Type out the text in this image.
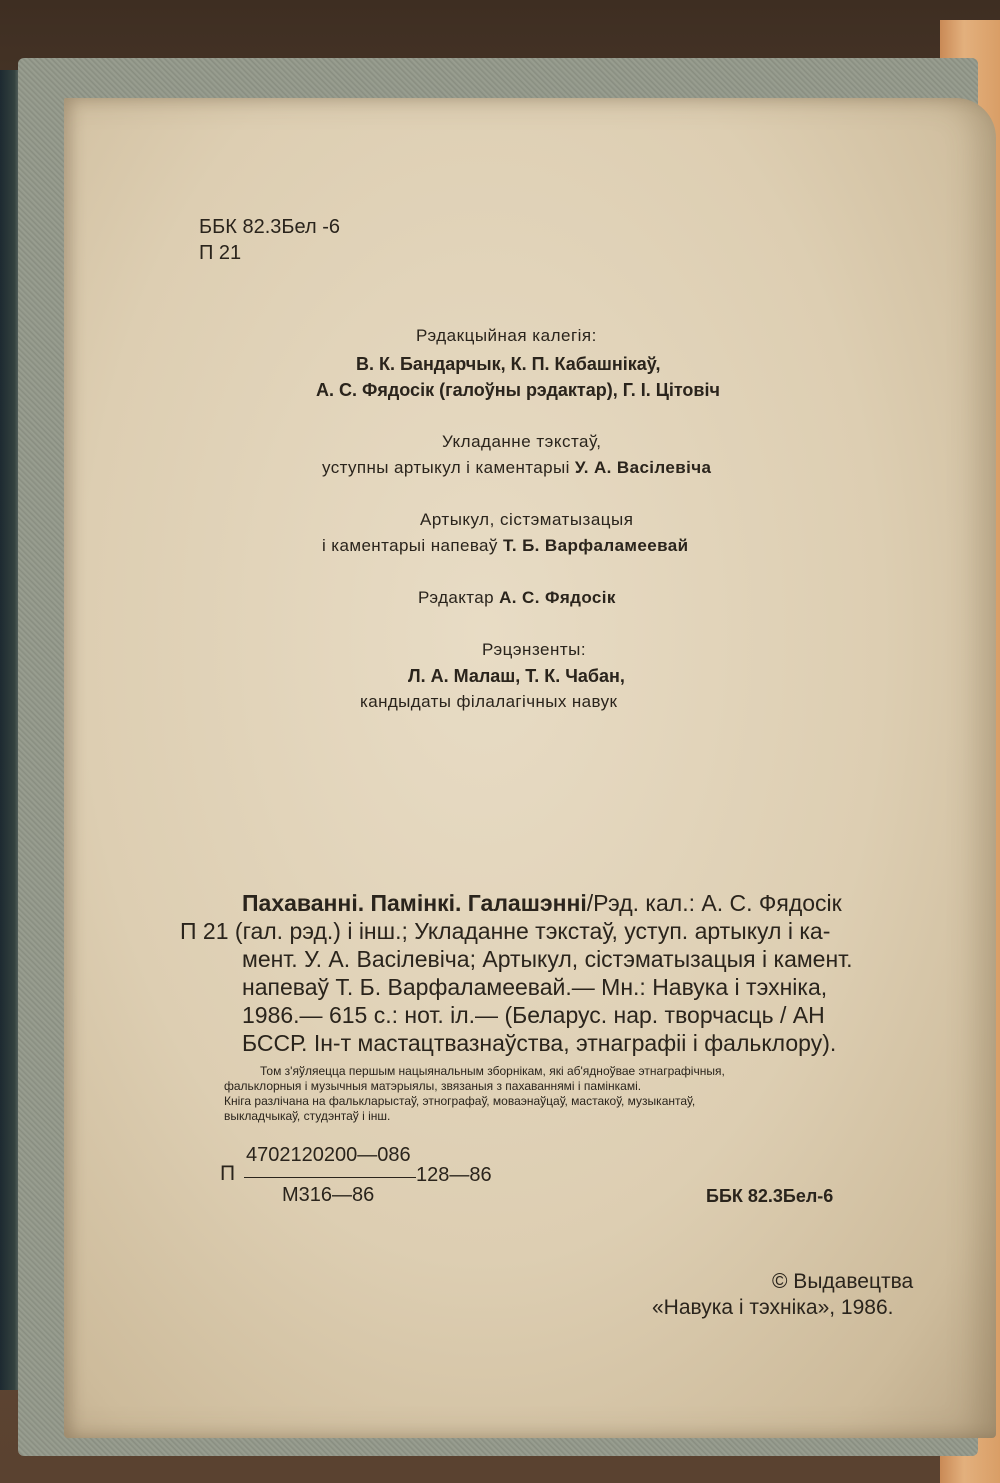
ББК 82.3Бел -6

П 21

Рэдакцыйная калегія:

В. К. Бандарчык, К. П. Кабашнікаў,

А. С. Фядосік (галоўны рэдактар), Г. І. Цітовіч

Укладанне тэкстаў,

уступны артыкул і каментарыі У. А. Васілевіча

Артыкул, сістэматызацыя

і каментарыі напеваў Т. Б. Варфаламеевай

Рэдактар А. С. Фядосік

Рэцэнзенты:

Л. А. Малаш, Т. К. Чабан,

кандыдаты філалагічных навук

Пахаванні. Памінкі. Галашэнні/Рэд. кал.: А. С. Фядосік

П 21 (гал. рэд.) і інш.; Укладанне тэкстаў, уступ. артыкул і ка-

мент. У. А. Васілевіча; Артыкул, сістэматызацыя і камент.

напеваў Т. Б. Варфаламеевай.— Мн.: Навука і тэхніка,

1986.— 615 с.: нот. іл.— (Беларус. нар. творчасць / АН

БССР. Ін-т мастацтвазнаўства, этнаграфіі і фальклору).

Том з'яўляецца першым нацыянальным зборнікам, які аб'ядноўвае этнаграфічныя,

фальклорныя і музычныя матэрыялы, звязаныя з пахаваннямі і памінкамі.

Кніга разлічана на фалькларыстаў, этнографаў, моваэнаўцаў, мастакоў, музыкантаў,

выкладчыкаў, студэнтаў і інш.

П

4702120200—086

М316—86

128—86

ББК 82.3Бел-6

© Выдавецтва

«Навука і тэхніка», 1986.
